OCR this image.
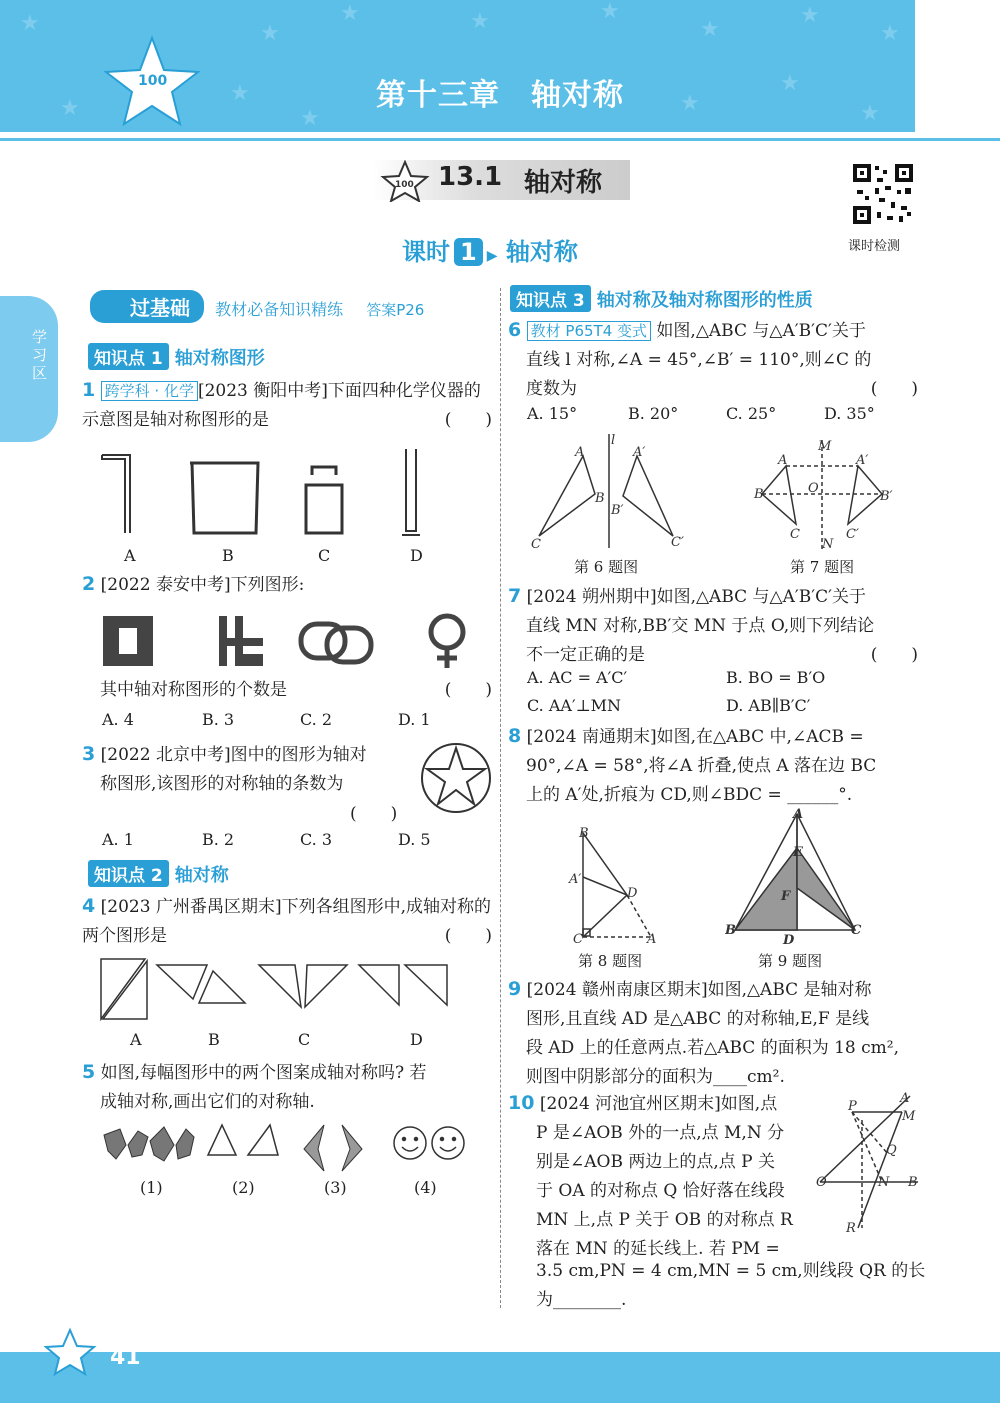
★	★
★	★	★
★
★
★
★	★
★
★	★	★
100	第十三章　轴对称
100 13.1 轴对称
课时 1 ▶ 轴对称	课时检测
学习区
过基础 教材必备知识精练 答案P26
知识点 1 轴对称图形
1 跨学科 · 化学 [2023 衡阳中考]下面四种化学仪器的示意图是轴对称图形的是	(　　)
A	B	C	D
2 [2022 泰安中考]下列图形:
其中轴对称图形的个数是	(　　)
A. 4	B. 3	C. 2	D. 1
3 [2022 北京中考]图中的图形为轴对
称图形,该图形的对称轴的条数为
(　　)
A. 1	B. 2	C. 3	D. 5
知识点 2 轴对称
4 [2023 广州番禺区期末]下列各组图形中,成轴对称的两个图形是	(　　)
A	B	C	D
5 如图,每幅图形中的两个图案成轴对称吗? 若
成轴对称,画出它们的对称轴.
(1)	(2)	(3)	(4)
知识点 3 轴对称及轴对称图形的性质
6 教材 P65T4 变式 如图,△ABC 与△A′B′C′关于
直线 l 对称,∠A = 45°,∠B′ = 110°,则∠C 的
度数为	(　　)
A. 15°	B. 20°	C. 25°	D. 35°
l
A
B
C
A′
B′
C′
M
A	A′
B	O
B′
C	C′
N
第 6 题图	第 7 题图
7 [2024 朔州期中]如图,△ABC 与△A′B′C′关于
直线 MN 对称,BB′交 MN 于点 O,则下列结论
不一定正确的是	(　　)
A. AC = A′C′	B. BO = B′O
C. AA′⊥MN	D. AB∥B′C′
8 [2024 南通期末]如图,在△ABC 中,∠ACB =
90°,∠A = 58°,将∠A 折叠,使点 A 落在边 BC
上的 A′处,折痕为 CD,则∠BDC = ______°.
B
A′
D
C	A
A
E
F
B
D
C
第 8 题图	第 9 题图
9 [2024 赣州南康区期末]如图,△ABC 是轴对称
图形,且直线 AD 是△ABC 的对称轴,E,F 是线
段 AD 上的任意两点.若△ABC 的面积为 18 cm²,
则图中阴影部分的面积为____cm².
10 [2024 河池宜州区期末]如图,点
P 是∠AOB 外的一点,点 M,N 分
别是∠AOB 两边上的点,点 P 关
于 OA 的对称点 Q 恰好落在线段
MN 上,点 P 关于 OB 的对称点 R
落在 MN 的延长线上. 若 PM =
3.5 cm,PN = 4 cm,MN = 5 cm,则线段 QR 的长
为________.
A
P
M
Q
O	N B
R
41
